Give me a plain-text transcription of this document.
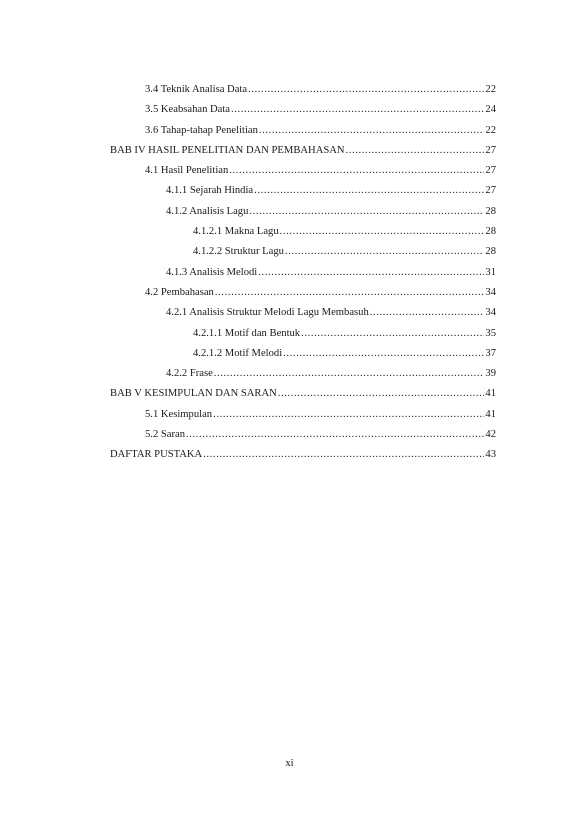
3.4 Teknik Analisa Data .....	22
3.5 Keabsahan Data .....	24
3.6 Tahap-tahap Penelitian .....	22
BAB IV HASIL PENELITIAN DAN PEMBAHASAN .....	27
4.1 Hasil Penelitian .....	27
4.1.1 Sejarah Hindia .....	27
4.1.2 Analisis Lagu .....	28
4.1.2.1 Makna Lagu .....	28
4.1.2.2 Struktur Lagu .....	28
4.1.3 Analisis Melodi .....	31
4.2 Pembahasan .....	34
4.2.1 Analisis Struktur Melodi Lagu Membasuh .....	34
4.2.1.1 Motif dan Bentuk .....	35
4.2.1.2 Motif Melodi .....	37
4.2.2 Frase .....	39
BAB V KESIMPULAN DAN SARAN .....	41
5.1 Kesimpulan .....	41
5.2 Saran .....	42
DAFTAR PUSTAKA .....	43
xi
